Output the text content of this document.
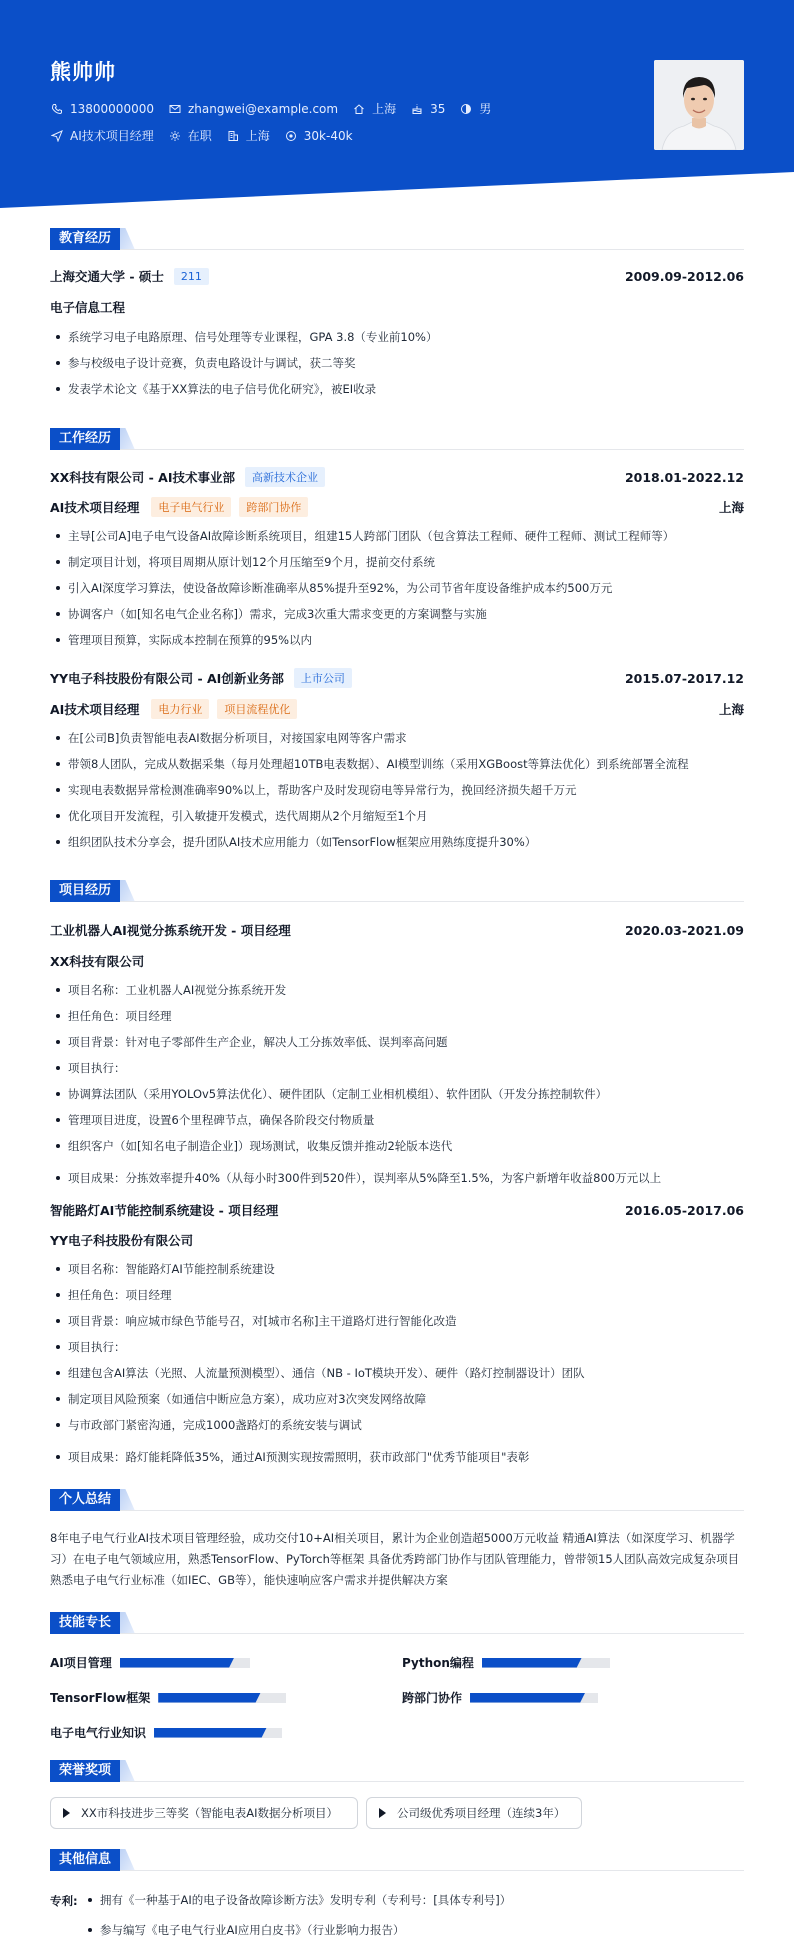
熊帅帅
13800000000	zhangwei@example.com	上海	35	男
AI技术项目经理	在职	上海	30k-40k
教育经历
上海交通大学 - 硕士	211	2009.09-2012.06
电子信息工程
系统学习电子电路原理、信号处理等专业课程，GPA 3.8（专业前10%）
参与校级电子设计竞赛，负责电路设计与调试，获二等奖
发表学术论文《基于XX算法的电子信号优化研究》，被EI收录
工作经历
XX科技有限公司 - AI技术事业部	高新技术企业	2018.01-2022.12
AI技术项目经理	电子电气行业	跨部门协作	上海
主导[公司A]电子电气设备AI故障诊断系统项目，组建15人跨部门团队（包含算法工程师、硬件工程师、测试工程师等）
制定项目计划，将项目周期从原计划12个月压缩至9个月，提前交付系统
引入AI深度学习算法，使设备故障诊断准确率从85%提升至92%，为公司节省年度设备维护成本约500万元
协调客户（如[知名电气企业名称]）需求，完成3次重大需求变更的方案调整与实施
管理项目预算，实际成本控制在预算的95%以内
YY电子科技股份有限公司 - AI创新业务部	上市公司	2015.07-2017.12
AI技术项目经理	电力行业	项目流程优化	上海
在[公司B]负责智能电表AI数据分析项目，对接国家电网等客户需求
带领8人团队，完成从数据采集（每月处理超10TB电表数据）、AI模型训练（采用XGBoost等算法优化）到系统部署全流程
实现电表数据异常检测准确率90%以上，帮助客户及时发现窃电等异常行为，挽回经济损失超千万元
优化项目开发流程，引入敏捷开发模式，迭代周期从2个月缩短至1个月
组织团队技术分享会，提升团队AI技术应用能力（如TensorFlow框架应用熟练度提升30%）
项目经历
工业机器人AI视觉分拣系统开发 - 项目经理	2020.03-2021.09
XX科技有限公司
项目名称：工业机器人AI视觉分拣系统开发
担任角色：项目经理
项目背景：针对电子零部件生产企业，解决人工分拣效率低、误判率高问题
项目执行：
协调算法团队（采用YOLOv5算法优化）、硬件团队（定制工业相机模组）、软件团队（开发分拣控制软件）
管理项目进度，设置6个里程碑节点，确保各阶段交付物质量
组织客户（如[知名电子制造企业]）现场测试，收集反馈并推动2轮版本迭代
项目成果：分拣效率提升40%（从每小时300件到520件），误判率从5%降至1.5%，为客户新增年收益800万元以上
智能路灯AI节能控制系统建设 - 项目经理	2016.05-2017.06
YY电子科技股份有限公司
项目名称：智能路灯AI节能控制系统建设
担任角色：项目经理
项目背景：响应城市绿色节能号召，对[城市名称]主干道路灯进行智能化改造
项目执行：
组建包含AI算法（光照、人流量预测模型）、通信（NB - IoT模块开发）、硬件（路灯控制器设计）团队
制定项目风险预案（如通信中断应急方案），成功应对3次突发网络故障
与市政部门紧密沟通，完成1000盏路灯的系统安装与调试
项目成果：路灯能耗降低35%，通过AI预测实现按需照明，获市政部门"优秀节能项目"表彰
个人总结
8年电子电气行业AI技术项目管理经验，成功交付10+AI相关项目，累计为企业创造超5000万元收益 精通AI算法（如深度学习、机器学习）在电子电气领域应用，熟悉TensorFlow、PyTorch等框架 具备优秀跨部门协作与团队管理能力，曾带领15人团队高效完成复杂项目 熟悉电子电气行业标准（如IEC、GB等），能快速响应客户需求并提供解决方案
技能专长
AI项目管理	Python编程
TensorFlow框架	跨部门协作
电子电气行业知识
荣誉奖项
XX市科技进步三等奖（智能电表AI数据分析项目）	公司级优秀项目经理（连续3年）
其他信息
专利:	拥有《一种基于AI的电子设备故障诊断方法》发明专利（专利号：[具体专利号]）
参与编写《电子电气行业AI应用白皮书》（行业影响力报告）
